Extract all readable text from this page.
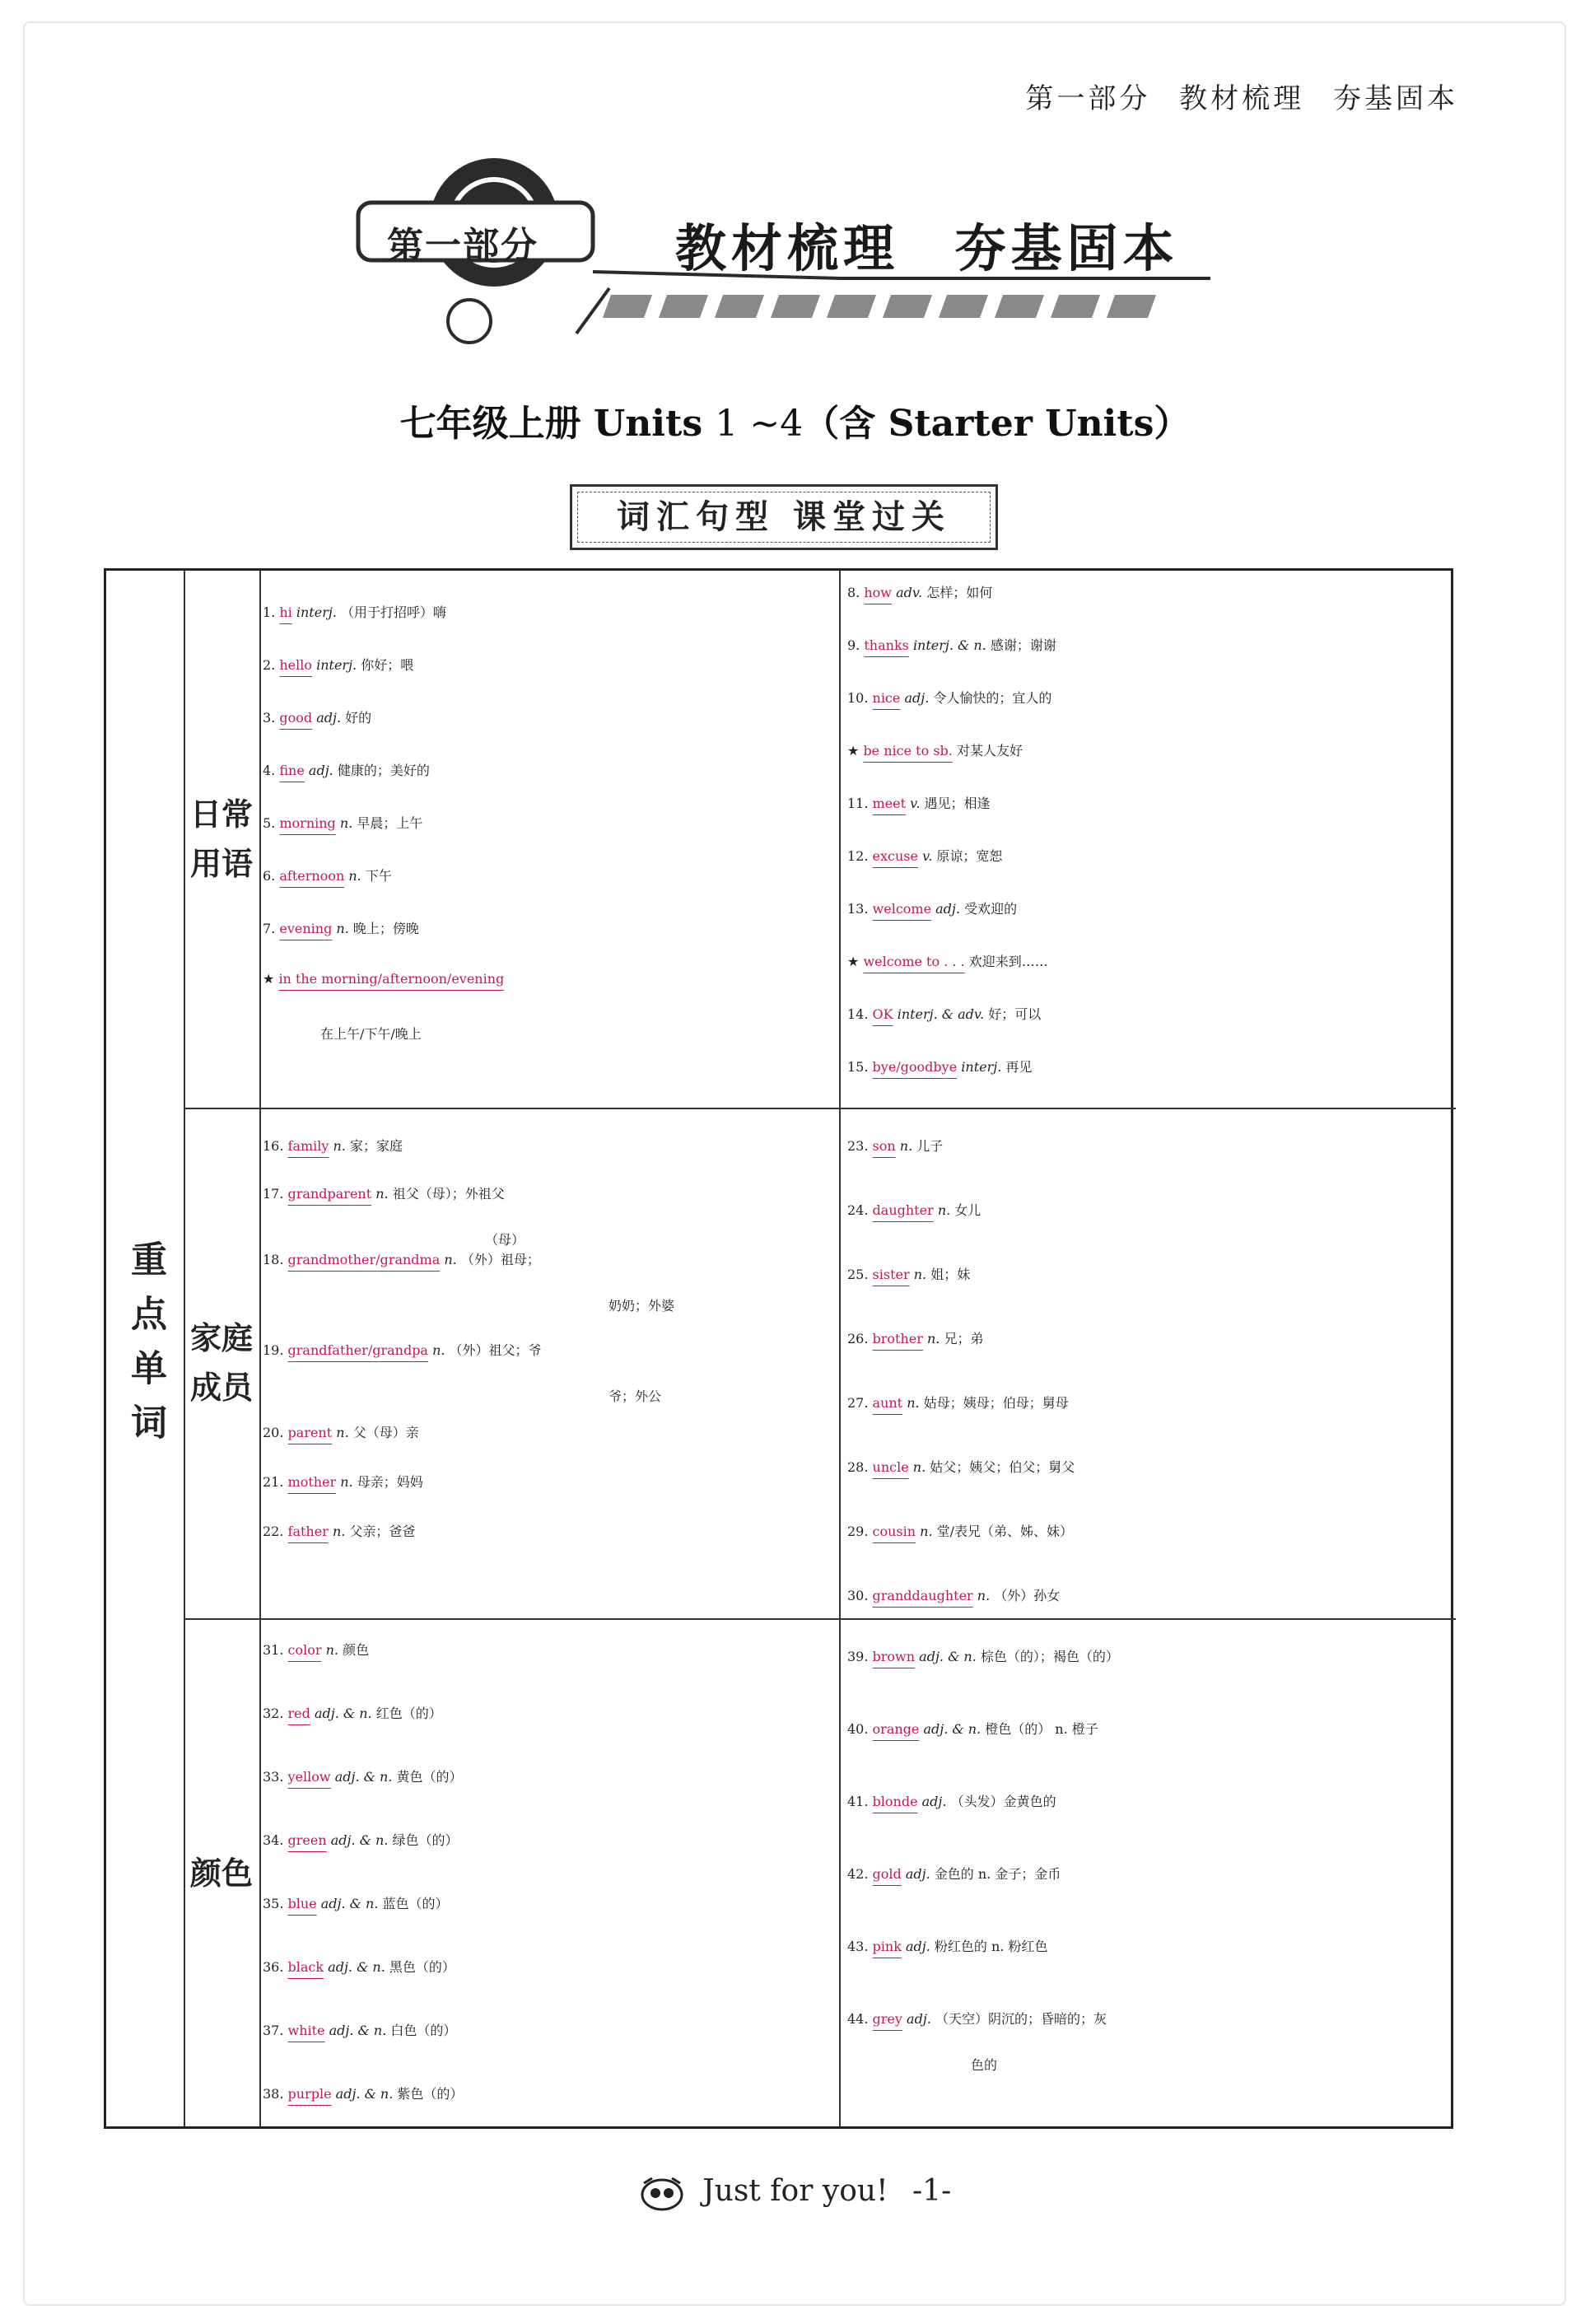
第一部分 教材梳理 夯基固本
第一部分	教材梳理 夯基固本
七年级上册 Units 1 ~4（含 Starter Units）
词汇句型 课堂过关
重点单词
日常用语
1. hi interj. （用于打招呼）嗨
2. hello interj. 你好；喂
3. good adj. 好的
4. fine adj. 健康的；美好的
5. morning n. 早晨；上午
6. afternoon n. 下午
7. evening n. 晚上；傍晚
★ in the morning/afternoon/evening
在上午/下午/晚上
8. how adv. 怎样；如何
9. thanks interj. & n. 感谢；谢谢
10. nice adj. 令人愉快的；宜人的
★ be nice to sb. 对某人友好
11. meet v. 遇见；相逢
12. excuse v. 原谅；宽恕
13. welcome adj. 受欢迎的
★ welcome to . . . 欢迎来到……
14. OK interj. & adv. 好；可以
15. bye/goodbye interj. 再见
家庭成员
16. family n. 家；家庭
17. grandparent n. 祖父（母）；外祖父
（母）
18. grandmother/grandma n. （外）祖母；
奶奶；外婆
19. grandfather/grandpa n. （外）祖父；爷
爷；外公
20. parent n. 父（母）亲
21. mother n. 母亲；妈妈
22. father n. 父亲；爸爸
23. son n. 儿子
24. daughter n. 女儿
25. sister n. 姐；妹
26. brother n. 兄；弟
27. aunt n. 姑母；姨母；伯母；舅母
28. uncle n. 姑父；姨父；伯父；舅父
29. cousin n. 堂/表兄（弟、姊、妹）
30. granddaughter n. （外）孙女
颜色
31. color n. 颜色
32. red adj. & n. 红色（的）
33. yellow adj. & n. 黄色（的）
34. green adj. & n. 绿色（的）
35. blue adj. & n. 蓝色（的）
36. black adj. & n. 黑色（的）
37. white adj. & n. 白色（的）
38. purple adj. & n. 紫色（的）
39. brown adj. & n. 棕色（的）；褐色（的）
40. orange adj. & n. 橙色（的） n. 橙子
41. blonde adj. （头发）金黄色的
42. gold adj. 金色的 n. 金子；金币
43. pink adj. 粉红色的 n. 粉红色
44. grey adj. （天空）阴沉的；昏暗的；灰
色的
Just for you! -1-
